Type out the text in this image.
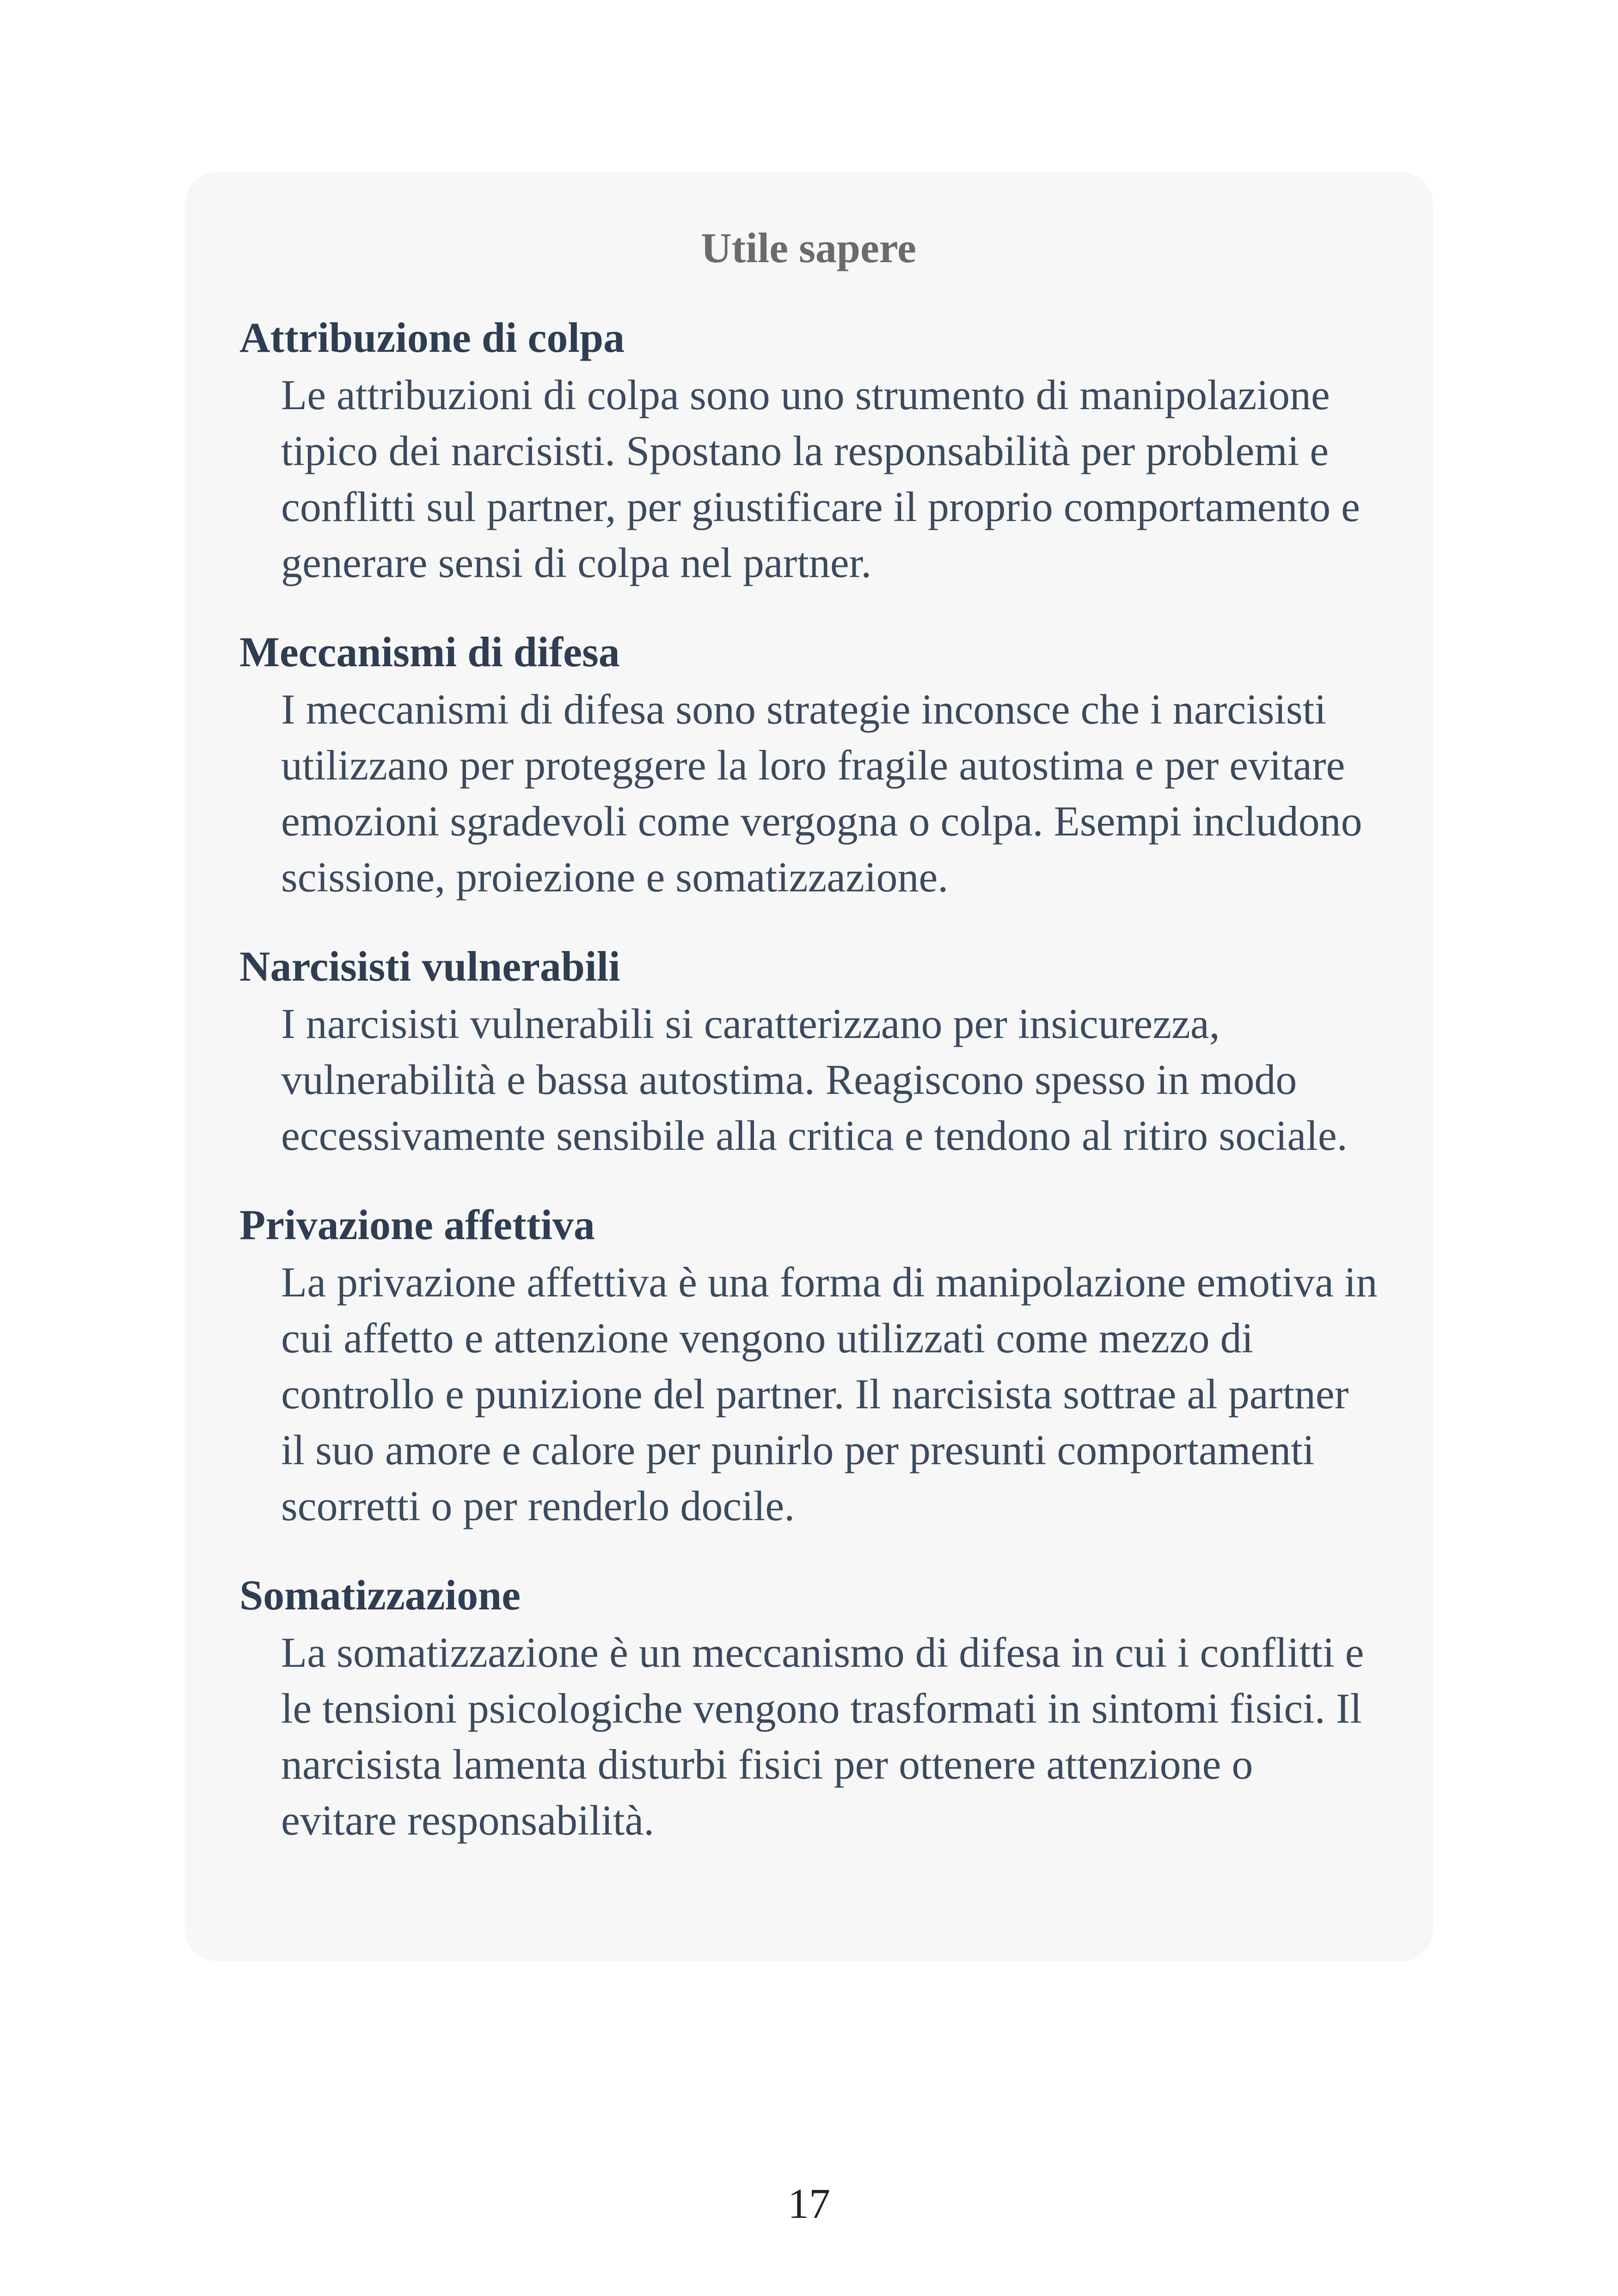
Utile sapere
Attribuzione di colpa
Le attribuzioni di colpa sono uno strumento di manipolazione tipico dei narcisisti. Spostano la responsabilità per problemi e conflitti sul partner, per giustificare il proprio comportamento e generare sensi di colpa nel partner.
Meccanismi di difesa
I meccanismi di difesa sono strategie inconsce che i narcisisti utilizzano per proteggere la loro fragile autostima e per evitare emozioni sgradevoli come vergogna o colpa. Esempi includono scissione, proiezione e somatizzazione.
Narcisisti vulnerabili
I narcisisti vulnerabili si caratterizzano per insicurezza, vulnerabilità e bassa autostima. Reagiscono spesso in modo eccessivamente sensibile alla critica e tendono al ritiro sociale.
Privazione affettiva
La privazione affettiva è una forma di manipolazione emotiva in cui affetto e attenzione vengono utilizzati come mezzo di controllo e punizione del partner. Il narcisista sottrae al partner il suo amore e calore per punirlo per presunti comportamenti scorretti o per renderlo docile.
Somatizzazione
La somatizzazione è un meccanismo di difesa in cui i conflitti e le tensioni psicologiche vengono trasformati in sintomi fisici. Il narcisista lamenta disturbi fisici per ottenere attenzione o evitare responsabilità.
17
